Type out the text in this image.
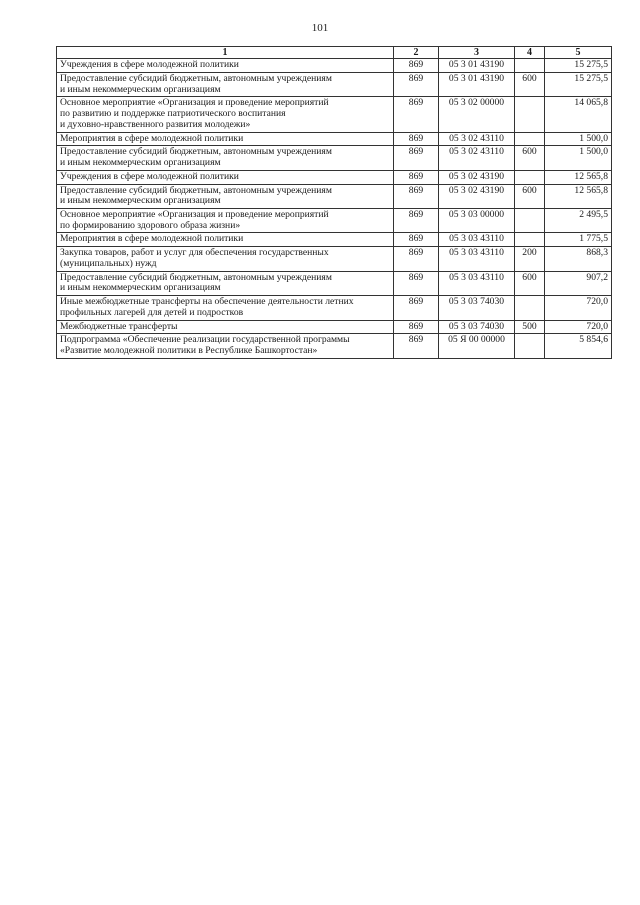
101
1	2	3	4	5
Учреждения в сфере молодежной политики	869	05 3 01 43190		15 275,5
Предоставление субсидий бюджетным, автономным учреждениям
и иным некоммерческим организациям	869	05 3 01 43190	600	15 275,5
Основное мероприятие «Организация и проведение мероприятий
по развитию и поддержке патриотического воспитания
и духовно-нравственного развития молодежи»	869	05 3 02 00000		14 065,8
Мероприятия в сфере молодежной политики	869	05 3 02 43110		1 500,0
Предоставление субсидий бюджетным, автономным учреждениям
и иным некоммерческим организациям	869	05 3 02 43110	600	1 500,0
Учреждения в сфере молодежной политики	869	05 3 02 43190		12 565,8
Предоставление субсидий бюджетным, автономным учреждениям
и иным некоммерческим организациям	869	05 3 02 43190	600	12 565,8
Основное мероприятие «Организация и проведение мероприятий
по формированию здорового образа жизни»	869	05 3 03 00000		2 495,5
Мероприятия в сфере молодежной политики	869	05 3 03 43110		1 775,5
Закупка товаров, работ и услуг для обеспечения государственных
(муниципальных) нужд	869	05 3 03 43110	200	868,3
Предоставление субсидий бюджетным, автономным учреждениям
и иным некоммерческим организациям	869	05 3 03 43110	600	907,2
Иные межбюджетные трансферты на обеспечение деятельности летних
профильных лагерей для детей и подростков	869	05 3 03 74030		720,0
Межбюджетные трансферты	869	05 3 03 74030	500	720,0
Подпрограмма «Обеспечение реализации государственной программы
«Развитие молодежной политики в Республике Башкортостан»	869	05 Я 00 00000		5 854,6
